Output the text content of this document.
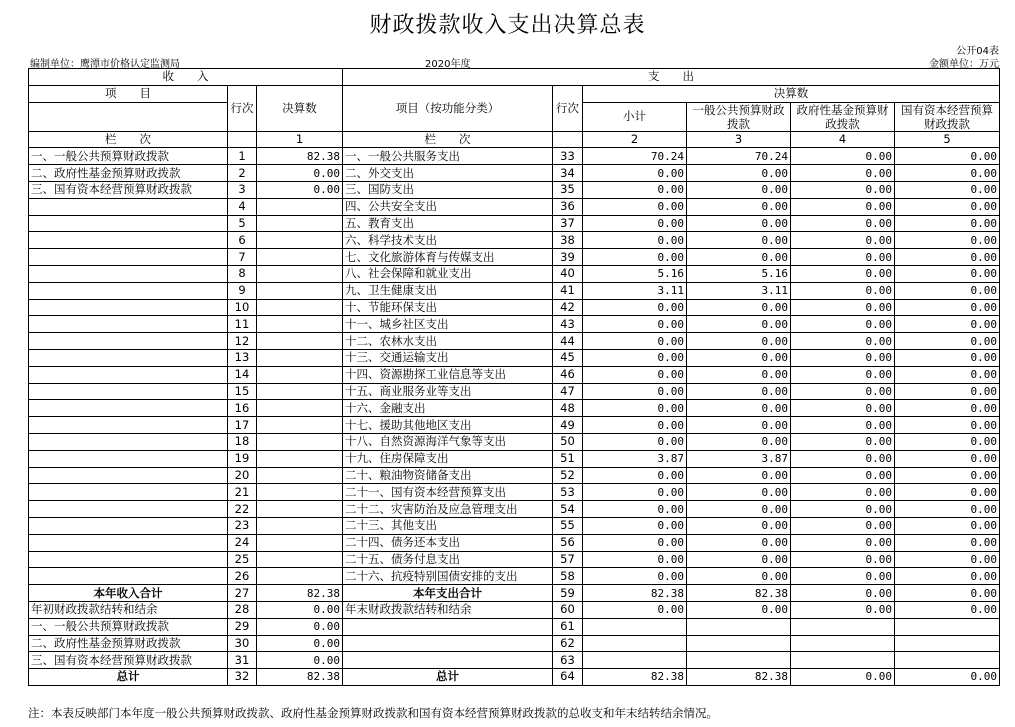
财政拨款收入支出决算总表
公开04表
编制单位：鹰潭市价格认定监测局	2020年度	金额单位：万元
收　　入			支　　出						
项　　目	行次	决算数	项目（按功能分类）	行次	决算数				
					小计	一般公共预算财政拨款	政府性基金预算财政拨款	国有资本经营预算财政拨款	

栏　　次		1	栏　　次		2	3	4	5	
一、一般公共预算财政拨款	1	82.38	一、一般公共服务支出	33	70.24	70.24	0.00	0.00	
二、政府性基金预算财政拨款	2	0.00	二、外交支出	34	0.00	0.00	0.00	0.00	
三、国有资本经营预算财政拨款	3	0.00	三、国防支出	35	0.00	0.00	0.00	0.00	
	4		四、公共安全支出	36	0.00	0.00	0.00	0.00	
	5		五、教育支出	37	0.00	0.00	0.00	0.00	
	6		六、科学技术支出	38	0.00	0.00	0.00	0.00	
	7		七、文化旅游体育与传媒支出	39	0.00	0.00	0.00	0.00	
	8		八、社会保障和就业支出	40	5.16	5.16	0.00	0.00	
	9		九、卫生健康支出	41	3.11	3.11	0.00	0.00	
	10		十、节能环保支出	42	0.00	0.00	0.00	0.00	
	11		十一、城乡社区支出	43	0.00	0.00	0.00	0.00	
	12		十二、农林水支出	44	0.00	0.00	0.00	0.00	
	13		十三、交通运输支出	45	0.00	0.00	0.00	0.00	
	14		十四、资源勘探工业信息等支出	46	0.00	0.00	0.00	0.00	
	15		十五、商业服务业等支出	47	0.00	0.00	0.00	0.00	
	16		十六、金融支出	48	0.00	0.00	0.00	0.00	
	17		十七、援助其他地区支出	49	0.00	0.00	0.00	0.00	
	18		十八、自然资源海洋气象等支出	50	0.00	0.00	0.00	0.00	
	19		十九、住房保障支出	51	3.87	3.87	0.00	0.00	
	20		二十、粮油物资储备支出	52	0.00	0.00	0.00	0.00	
	21		二十一、国有资本经营预算支出	53	0.00	0.00	0.00	0.00	
	22		二十二、灾害防治及应急管理支出	54	0.00	0.00	0.00	0.00	
	23		二十三、其他支出	55	0.00	0.00	0.00	0.00	
	24		二十四、债务还本支出	56	0.00	0.00	0.00	0.00	
	25		二十五、债务付息支出	57	0.00	0.00	0.00	0.00	
	26		二十六、抗疫特别国债安排的支出	58	0.00	0.00	0.00	0.00	
本年收入合计	27	82.38	本年支出合计	59	82.38	82.38	0.00	0.00	
年初财政拨款结转和结余	28	0.00	年末财政拨款结转和结余	60	0.00	0.00	0.00	0.00	
一、一般公共预算财政拨款	29	0.00		61					
二、政府性基金预算财政拨款	30	0.00		62					
三、国有资本经营预算财政拨款	31	0.00		63					
总计	32	82.38	总计	64	82.38	82.38	0.00	0.00	
注：本表反映部门本年度一般公共预算财政拨款、政府性基金预算财政拨款和国有资本经营预算财政拨款的总收支和年末结转结余情况。
